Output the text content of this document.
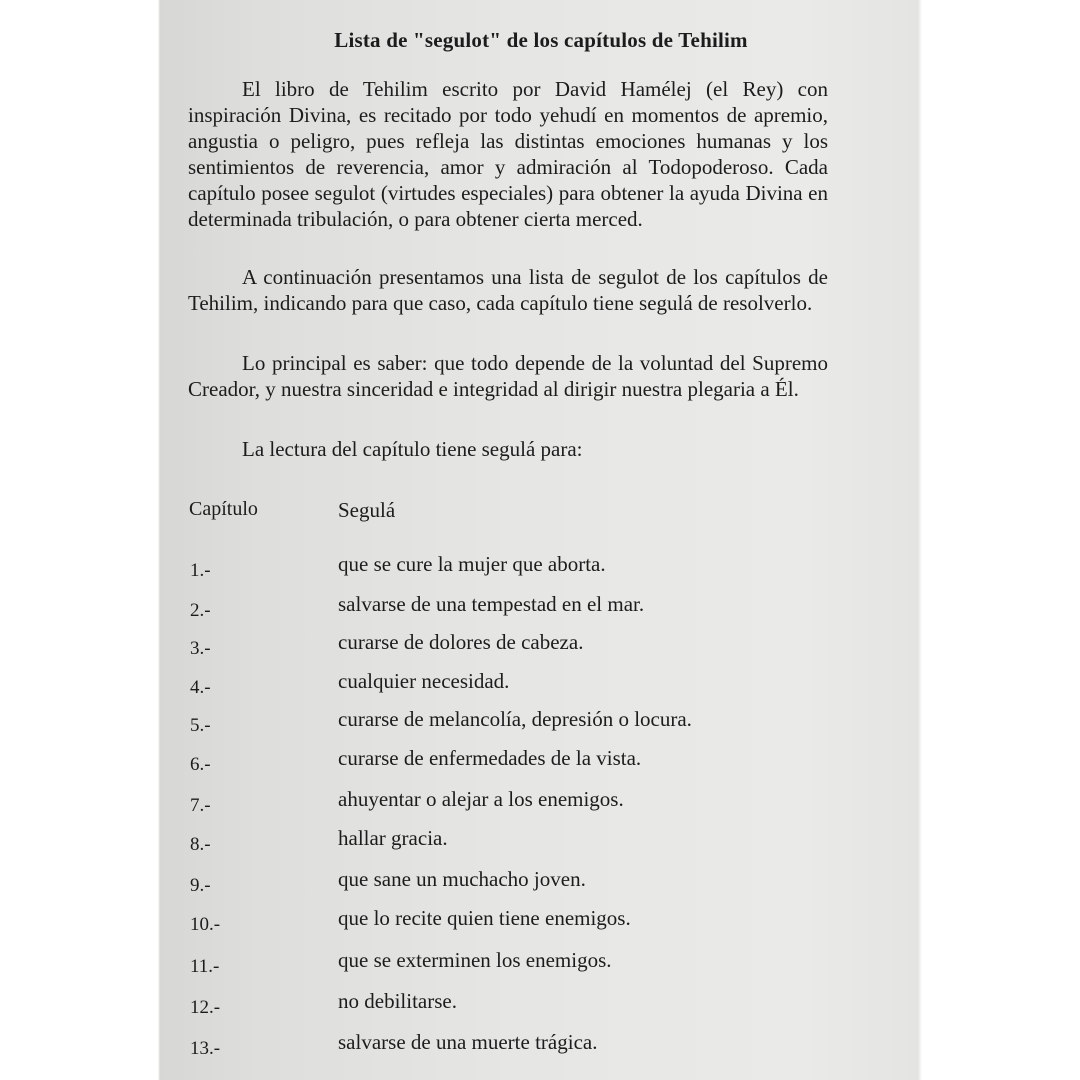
Lista de "segulot" de los capítulos de Tehilim

El libro de Tehilim escrito por David Hamélej (el Rey) con inspiración Divina, es recitado por todo yehudí en momentos de apremio, angustia o peligro, pues refleja las distintas emociones humanas y los sentimientos de reverencia, amor y admiración al Todopoderoso. Cada capítulo posee segulot (virtudes especiales) para obtener la ayuda Divina en determinada tribulación, o para obtener cierta merced.

A continuación presentamos una lista de segulot de los capítulos de Tehilim, indicando para que caso, cada capítulo tiene segulá de resolverlo.

Lo principal es saber: que todo depende de la voluntad del Supremo Creador, y nuestra sinceridad e integridad al dirigir nuestra plegaria a Él.

La lectura del capítulo tiene segulá para:

Capítulo	Segulá
1.-	que se cure la mujer que aborta.
2.-	salvarse de una tempestad en el mar.
3.-	curarse de dolores de cabeza.
4.-	cualquier necesidad.
5.-	curarse de melancolía, depresión o locura.
6.-	curarse de enfermedades de la vista.
7.-	ahuyentar o alejar a los enemigos.
8.-	hallar gracia.
9.-	que sane un muchacho joven.
10.-	que lo recite quien tiene enemigos.
11.-	que se exterminen los enemigos.
12.-	no debilitarse.
13.-	salvarse de una muerte trágica.
